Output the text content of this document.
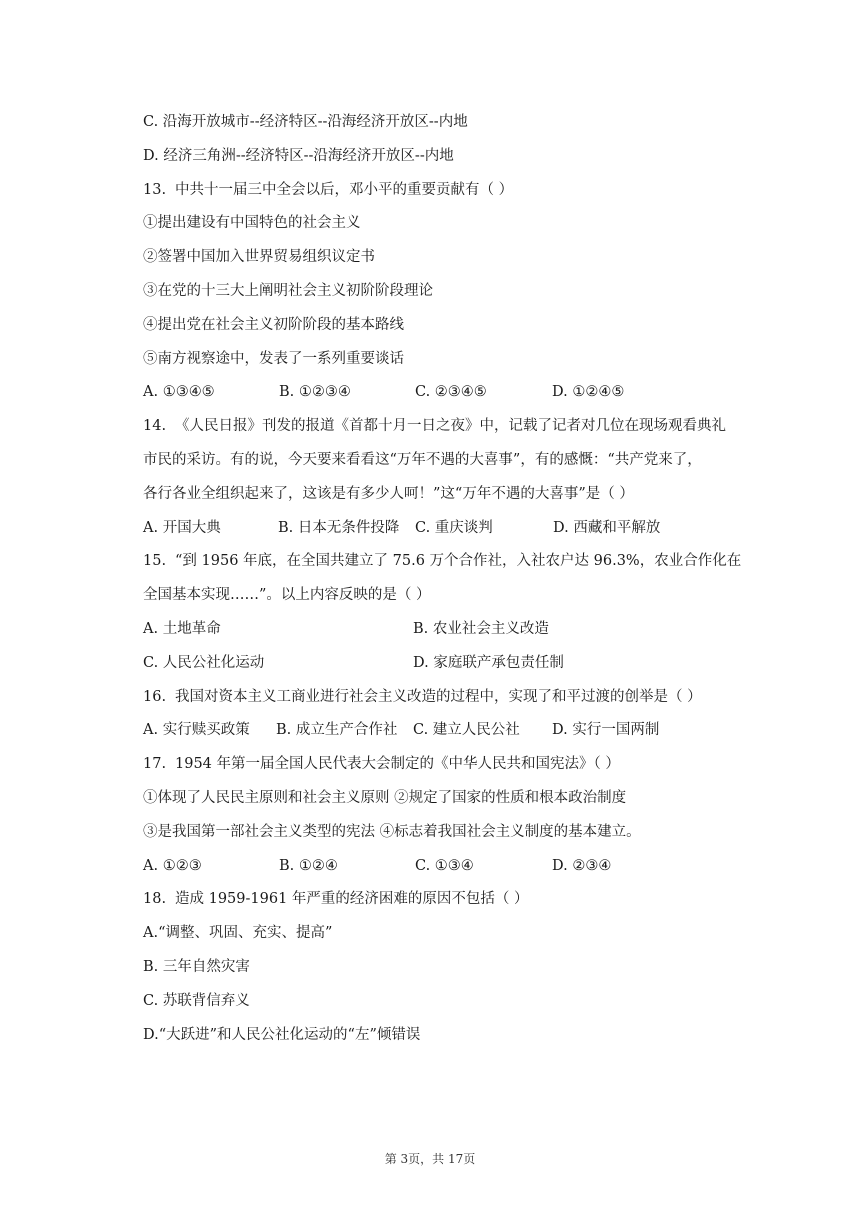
C. 沿海开放城市--经济特区--沿海经济开放区--内地
D. 经济三角洲--经济特区--沿海经济开放区--内地
13. 中共十一届三中全会以后，邓小平的重要贡献有（ ）
①提出建设有中国特色的社会主义
②签署中国加入世界贸易组织议定书
③在党的十三大上阐明社会主义初阶阶段理论
④提出党在社会主义初阶阶段的基本路线
⑤南方视察途中，发表了一系列重要谈话
A. ①③④⑤	B. ①②③④	C. ②③④⑤	D. ①②④⑤
14. 《人民日报》刊发的报道《首都十月一日之夜》中，记载了记者对几位在现场观看典礼
市民的采访。有的说，今天要来看看这“万年不遇的大喜事”，有的感慨：“共产党来了，
各行各业全组织起来了，这该是有多少人呵！”这“万年不遇的大喜事”是（ ）
A. 开国大典	B. 日本无条件投降	C. 重庆谈判	D. 西藏和平解放
15. “到 1956 年底，在全国共建立了 75.6 万个合作社，入社农户达 96.3%，农业合作化在
全国基本实现……”。以上内容反映的是（ ）
A. 土地革命	B. 农业社会主义改造
C. 人民公社化运动	D. 家庭联产承包责任制
16. 我国对资本主义工商业进行社会主义改造的过程中，实现了和平过渡的创举是（ ）
A. 实行赎买政策	B. 成立生产合作社	C. 建立人民公社	D. 实行一国两制
17. 1954 年第一届全国人民代表大会制定的《中华人民共和国宪法》（ ）
①体现了人民民主原则和社会主义原则 ②规定了国家的性质和根本政治制度
③是我国第一部社会主义类型的宪法 ④标志着我国社会主义制度的基本建立。
A. ①②③	B. ①②④	C. ①③④	D. ②③④
18. 造成 1959-1961 年严重的经济困难的原因不包括（ ）
A.“调整、巩固、充实、提高”
B. 三年自然灾害
C. 苏联背信弃义
D.“大跃进”和人民公社化运动的“左”倾错误
第 3页，共 17页
